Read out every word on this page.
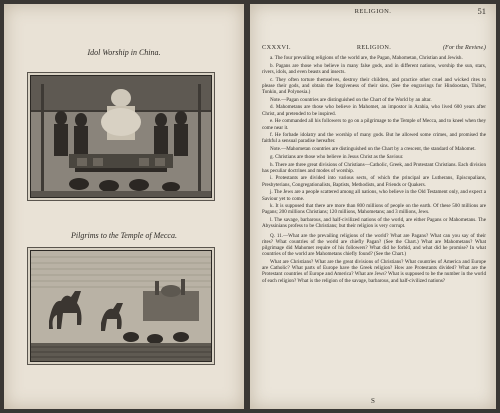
Idol Worship in China.
Pilgrims to the Temple of Mecca.
RELIGION.	51
CXXXVI.	RELIGION.	(For the Review.)

a. The four prevailing religions of the world are, the Pagan, Mahometan, Christian and Jewish.

b. Pagans are those who believe in many false gods, and in different nations, worship the sun, stars, rivers, idols, and even beasts and insects.

c. They often torture themselves, destroy their children, and practice other cruel and wicked rites to please their gods, and obtain the forgiveness of their sins. (See the engravings for Hindoostan, Thibet, Tonkin, and Polynesia.)

Note.—Pagan countries are distinguished on the Chart of the World by an altar.

d. Mahometans are those who believe in Mahomet, an impostor in Arabia, who lived 600 years after Christ, and pretended to be inspired.

e. He commanded all his followers to go on a pilgrimage to the Temple of Mecca, and to kneel when they come near it.

f. He forbade idolatry and the worship of many gods. But he allowed some crimes, and promised the faithful a sensual paradise hereafter.

Note.—Mahometan countries are distinguished on the Chart by a crescent, the standard of Mahomet.

g. Christians are those who believe in Jesus Christ as the Saviour.

h. There are three great divisions of Christians—Catholic, Greek, and Protestant Christians. Each division has peculiar doctrines and modes of worship.

i. Protestants are divided into various sects, of which the principal are Lutherans, Episcopalians, Presbyterians, Congregationalists, Baptists, Methodists, and Friends or Quakers.

j. The Jews are a people scattered among all nations, who believe in the Old Testament only, and expect a Saviour yet to come.

k. It is supposed that there are more than 800 millions of people on the earth. Of these 500 millions are Pagans; 200 millions Christians; 120 millions, Mahometans; and 3 millions, Jews.

l. The savage, barbarous, and half-civilized nations of the world, are either Pagans or Mahometans. The Abyssinians profess to be Christians; but their religion is very corrupt.

Q. 11.—What are the prevailing religions of the world? What are Pagans? What can you say of their rites? What countries of the world are chiefly Pagan? (See the Chart.) What are Mahometans? What pilgrimage did Mahomet require of his followers? What did he forbid, and what did he promise? In what countries of the world are Mahometans chiefly found? (See the Chart.)

What are Christians? What are the great divisions of Christians? What countries of America and Europe are Catholic? What parts of Europe have the Greek religion? How are Protestants divided? What are the Protestant countries of Europe and America? What are Jews? What is supposed to be the number in the world of each religion? What is the religion of the savage, barbarous, and half-civilized nations?

S
